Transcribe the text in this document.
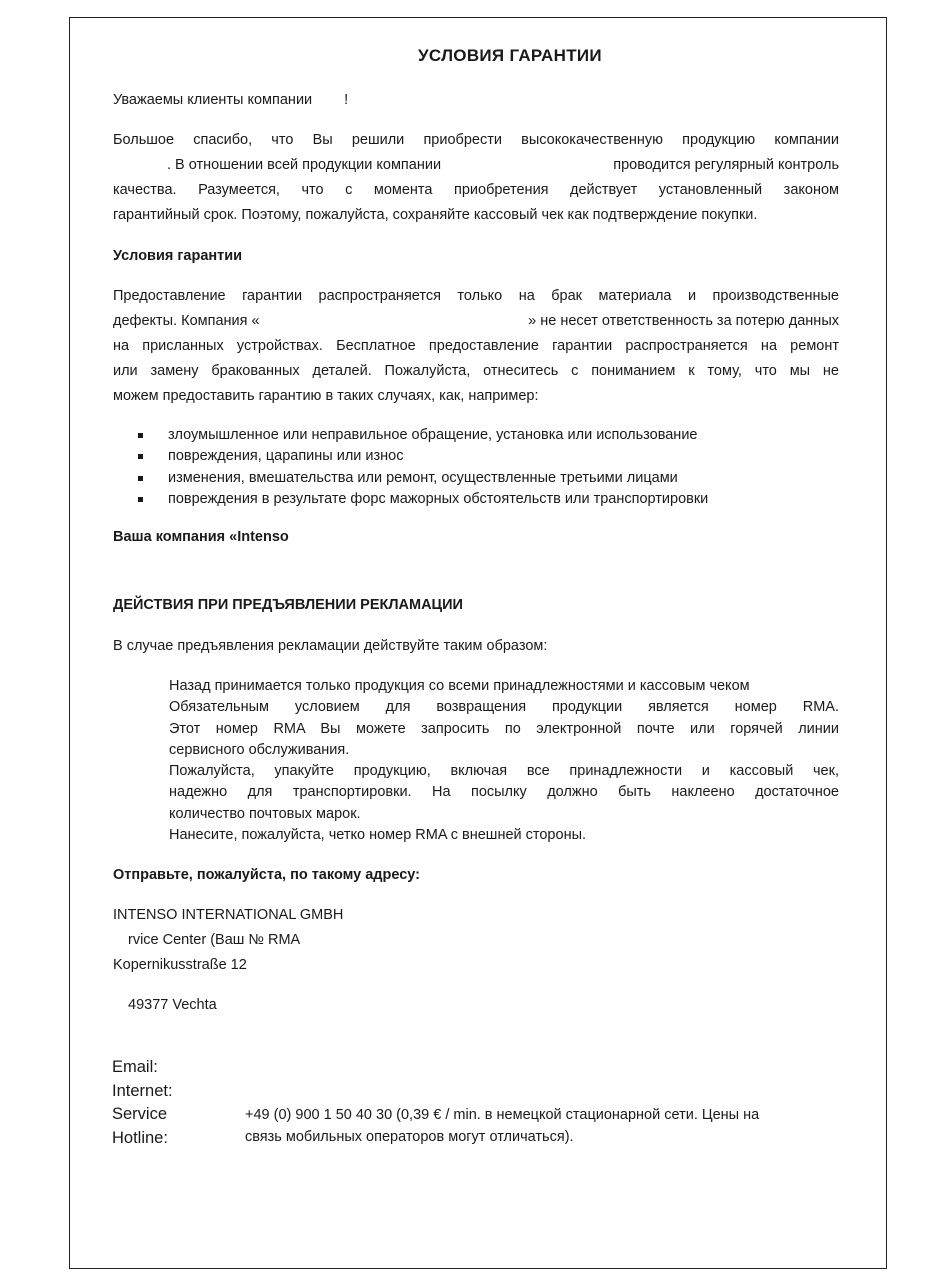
УСЛОВИЯ ГАРАНТИИ
Уважаемы клиенты компании !
Большое спасибо, что Вы решили приобрести высококачественную продукцию компании
. В отношении всей продукции компании	проводится регулярный контроль
качества. Разумеется, что с момента приобретения действует установленный законом
гарантийный срок. Поэтому, пожалуйста, сохраняйте кассовый чек как подтверждение покупки.
Условия гарантии
Предоставление гарантии распространяется только на брак материала и производственные
дефекты. Компания «	» не несет ответственность за потерю данных
на присланных устройствах. Бесплатное предоставление гарантии распространяется на ремонт
или замену бракованных деталей. Пожалуйста, отнеситесь с пониманием к тому, что мы не
можем предоставить гарантию в таких случаях, как, например:
злоумышленное или неправильное обращение, установка или использование
повреждения, царапины или износ
изменения, вмешательства или ремонт, осуществленные третьими лицами
повреждения в результате форс мажорных обстоятельств или транспортировки
Ваша компания «Intenso
ДЕЙСТВИЯ ПРИ ПРЕДЪЯВЛЕНИИ РЕКЛАМАЦИИ
В случае предъявления рекламации действуйте таким образом:
Назад принимается только продукция со всеми принадлежностями и кассовым чеком
Обязательным условием для возвращения продукции является номер RMA.
Этот номер RMA Вы можете запросить по электронной почте или горячей линии
сервисного обслуживания.
Пожалуйста, упакуйте продукцию, включая все принадлежности и кассовый чек,
надежно для транспортировки. На посылку должно быть наклеено достаточное
количество почтовых марок.
Нанесите, пожалуйста, четко номер RMA с внешней стороны.
Отправьте, пожалуйста, по такому адресу:
INTENSO INTERNATIONAL GMBH
rvice Center (Ваш № RMA
Kopernikusstraße 12
49377 Vechta
Email:
Internet:
Service
Hotline:
+49 (0) 900 1 50 40 30 (0,39 € / min. в немецкой стационарной сети. Цены на
связь мобильных операторов могут отличаться).
